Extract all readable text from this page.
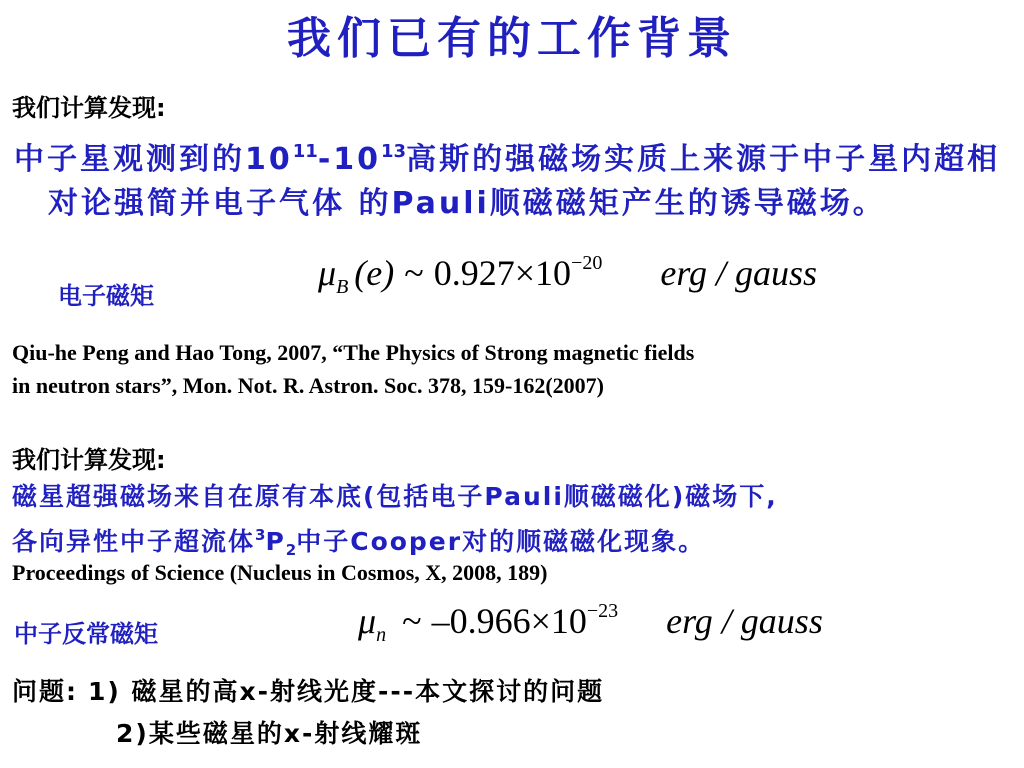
我们已有的工作背景
我们计算发现:
中子星观测到的$10^{11}-10^{13}$高斯的强磁场实质上来源于中子星内超相对论强简并电子气体 的Pauli顺磁磁矩产生的诱导磁场。
电子磁矩
$\mu_B$ (e) ~ $0.927\times 10^{-20}$ erg / gauss
Qiu-he Peng and Hao Tong, 2007, “The Physics of Strong magnetic fields
in neutron stars”, Mon. Not. R. Astron. Soc. 378, 159-162(2007)
我们计算发现:
磁星超强磁场来自在原有本底(包括电子Pauli顺磁磁化)磁场下,
各向异性中子超流体$^3P_2$中子Cooper对的顺磁磁化现象。
Proceedings of Science (Nucleus in Cosmos, X, 2008, 189)
中子反常磁矩	$\mu_n$ ~ $-0.966\times 10^{-23}$ erg / gauss
问题: 1) 磁星的高x-射线光度---本文探讨的问题
2)某些磁星的x-射线耀斑
